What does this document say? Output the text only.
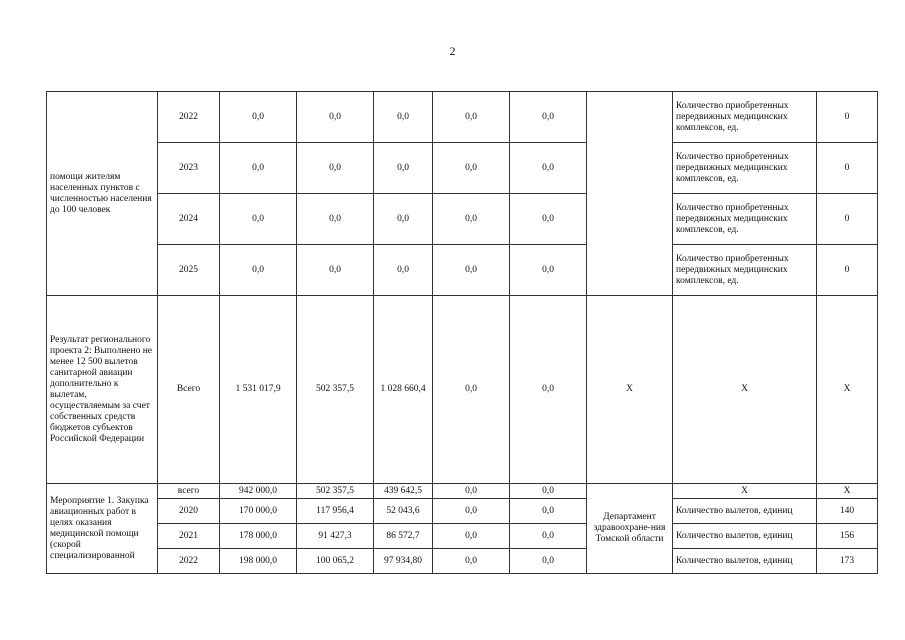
2
помощи жителям населенных пунктов с численностью населения до 100 человек	2022	0,0	0,0	0,0	0,0	0,0		Количество приобретенных передвижных медицинских комплексов, ед.	0
	2023	0,0	0,0	0,0	0,0	0,0		Количество приобретенных передвижных медицинских комплексов, ед.	0
	2024	0,0	0,0	0,0	0,0	0,0		Количество приобретенных передвижных медицинских комплексов, ед.	0
	2025	0,0	0,0	0,0	0,0	0,0		Количество приобретенных передвижных медицинских комплексов, ед.	0
Результат регионального проекта 2: Выполнено не менее 12 500 вылетов санитарной авиации дополнительно к вылетам, осуществляемым за счет собственных средств бюджетов субъектов Российской Федерации	Всего	1 531 017,9	502 357,5	1 028 660,4	0,0	0,0	Х	Х	Х
Мероприятие 1. Закупка авиационных работ в целях оказания медицинской помощи (скорой специализированной	всего	942 000,0	502 357,5	439 642,5	0,0	0,0	Департамент здравоохране-ния Томской области	Х	Х
	2020	170 000,0	117 956,4	52 043,6	0,0	0,0		Количество вылетов, единиц	140
	2021	178 000,0	91 427,3	86 572,7	0,0	0,0		Количество вылетов, единиц	156
	2022	198 000,0	100 065,2	97 934,80	0,0	0,0		Количество вылетов, единиц	173
